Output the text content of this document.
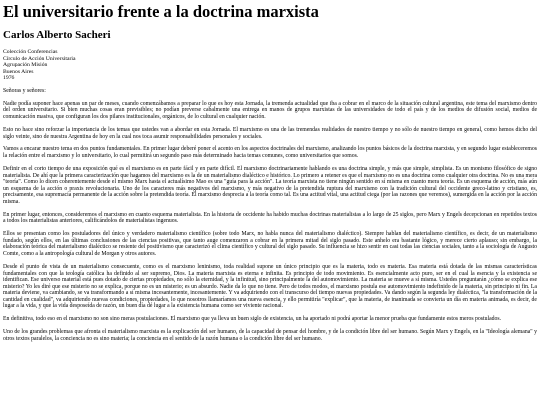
El universitario frente a la doctrina marxista
Carlos Alberto Sacheri
Colección Conferencias
Círculo de Acción Universitaria
Agrupación Misión
Buenos Aires
1976

Señoras y señores:

Nadie podía suponer hace apenas un par de meses, cuando comenzábamos a preparar lo que es hoy esta Jornada, la tremenda actualidad que iba a cobrar en el marco de la situación cultural argentina, este tema del marxismo dentro del orden universitario. Si bien muchas cosas eran previsibles; no podían preverse cabalmente una entrega en manos de grupos marxistas de las universidades de todo el país y de los medios de difusión social, medios de comunicación masiva, que configuran los dos pilares institucionales, orgánicos, de lo cultural en cualquier nación.

Esto no hace sino reforzar la importancia de los temas que ustedes van a abordar en esta Jornada. El marxismo es una de las tremendas realidades de nuestro tiempo y no sólo de nuestro tiempo en general, como hemos dicho del siglo veinte, sino de nuestra Argentina de hoy en la cual nos toca asumir responsabilidades personales y sociales.

Vamos a encarar nuestro tema en dos puntos fundamentales. En primer lugar deberé poner el acento en los aspectos doctrinales del marxismo, analizando los puntos básicos de la doctrina marxista, y en segundo lugar estableceremos la relación entre el marxismo y lo universitario, lo cual permitirá un segundo paso más determinado hacia temas comunes, como universitarios que somos.

Definir en el corto tiempo de una exposición qué es el marxismo es en parte fácil y en parte difícil. El marxismo doctrinariamente hablando es una doctrina simple, y más que simple, simplista. Es un monismo filosófico de signo materialista. De ahí que la primera caracterización que hagamos del marxismo es la de un materialismo dialéctico e histórico. Lo primero a retener es que el marxismo no es una doctrina como cualquier otra doctrina. No es una mera "teoría". Como lo dicen coherentemente desde el mismo Marx hasta el actualísimo Mao es una "guía para la acción". La teoría marxista no tiene ningún sentido en sí misma en cuanto mera teoría. Es un esquema de acción, más aún un esquema de la acción o praxis revolucionaria. Uno de los caracteres más negativos del marxismo, y más negativo de la pretendida ruptura del marxismo con la tradición cultural del occidente greco-latino y cristiano, es, precisamente, esa supremacía permanente de la acción sobre la pretendida teoría. El marxismo desprecia a la teoría como tal. Es una actitud vital, una actitud ciega (por las razones que veremos), sumergida en la acción por la acción misma.

En primer lugar, entonces, consideremos el marxismo en cuanto esquema materialista. En la historia de occidente ha habido muchas doctrinas materialistas a lo largo de 25 siglos, pero Marx y Engels decepcionan en repetidos textos a todos los materialistas anteriores, calificándolos de materialistas ingenuos.

Ellos se presentan como los postuladores del único y verdadero materialismo científico (sobre todo Marx, no habla nunca del materialismo dialéctico). Siempre hablan del materialismo científico, es decir, de un materialismo fundado, según ellos, en las últimas conclusiones de las ciencias positivas, que tanto auge comenzaron a cobrar en la primera mitad del siglo pasado. Este anhelo era bastante lógico, y merece cierto aplauso; sin embargo, la elaboración teórica del materialismo dialéctico se resiente del positivismo que caracterizó el clima científico y cultural del siglo pasado. Su influencia se hizo sentir en casi todas las ciencias sociales, tanto a la sociología de Augusto Comte, como a la antropología cultural de Morgan y otros autores.

Desde el punto de vista de un materialismo consecuente, como es el marxismo leninismo, toda realidad supone un único principio que es la materia, todo es materia. Esa materia está dotada de las mismas características fundamentales con que la teología católica ha definido al ser supremo, Dios. La materia marxista es eterna e infinita. Es principio de todo movimiento. Es esencialmente acto puro, ser en el cual la esencia y la existencia se identifican. Ese universo material está pues dotado de ciertas propiedades, no sólo la eternidad, y la infinitud, sino principalmente la del automovimiento. La materia se mueve a sí misma. Ustedes preguntarán ¿cómo se explica ese misterio? Yo les diré que ese misterio no se explica, porque no es un misterio; es un absurdo. Nadie da lo que no tiene. Pero de todos modos, el marxismo postula ese automovimiento indefinido de la materia, sin principio ni fin. La materia deviene, va cambiando, se va transformando a sí misma incesantemente, incesantemente. Y va adquiriendo con el transcurso del tiempo nuevas propiedades. Va dando según la segunda ley dialéctica, "la transformación de la cantidad en cualidad", va adquiriendo nuevas condiciones, propiedades, lo que nosotros llamaríamos una nueva esencia, y ello permitiría "explicar", que la materia, de inanimada se convierta un día en materia animada, es decir, de lugar a la vida, y que la vida desposeída de razón, un buen día dé lugar a la existencia humana como ser viviente racional.

En definitiva, todo eso en el marxismo no son sino meras postulaciones. El marxismo que ya lleva un buen siglo de existencia, un ha aportado ni podrá aportar la menor prueba que fundamente estos meros postulados.

Uno de los grandes problemas que afronta el materialismo marxista es la explicación del ser humano, de la capacidad de pensar del hombre, y de la condición libre del ser humano. Según Marx y Engels, en la "Ideología alemana" y otros textos paralelos, la conciencia no es sino materia; la conciencia en el sentido de la razón humana o la condición libre del ser humano.
